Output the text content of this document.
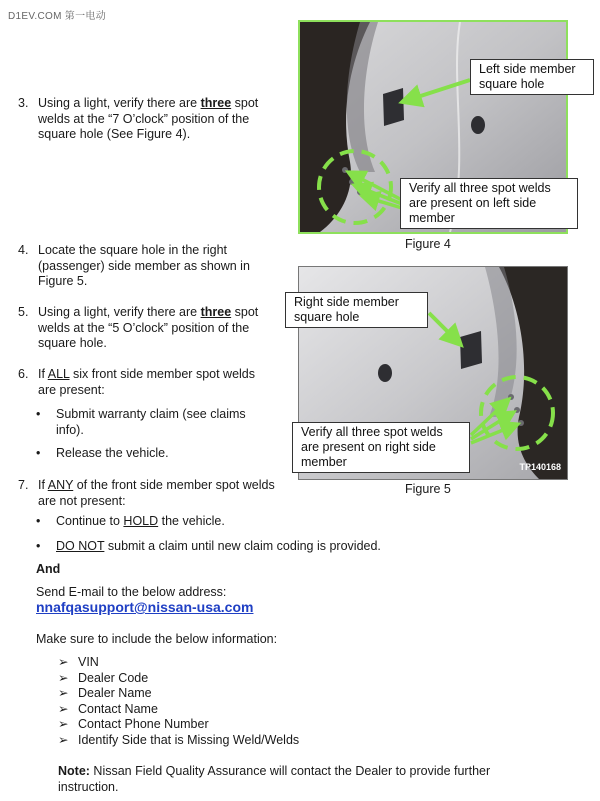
D1EV.COM 第一电动
3. Using a light, verify there are three spot welds at the “7 O’clock” position of the square hole (See Figure 4).
4. Locate the square hole in the right (passenger) side member as shown in Figure 5.
5. Using a light, verify there are three spot welds at the “5 O’clock” position of the square hole.
6. If ALL six front side member spot welds are present:
• Submit warranty claim (see claims info).
• Release the vehicle.
7. If ANY of the front side member spot welds are not present:
• Continue to HOLD the vehicle.
• DO NOT submit a claim until new claim coding is provided.
And
Send E-mail to the below address:
nnafqasupport@nissan-usa.com
Make sure to include the below information:
➢ VIN
➢ Dealer Code
➢ Dealer Name
➢ Contact Name
➢ Contact Phone Number
➢ Identify Side that is Missing Weld/Welds
Note: Nissan Field Quality Assurance will contact the Dealer to provide further instruction.
Left side member square hole
Verify all three spot welds are present on left side member
Figure 4
TP140168
Right side member square hole
Verify all three spot welds are present on right side member
Figure 5
